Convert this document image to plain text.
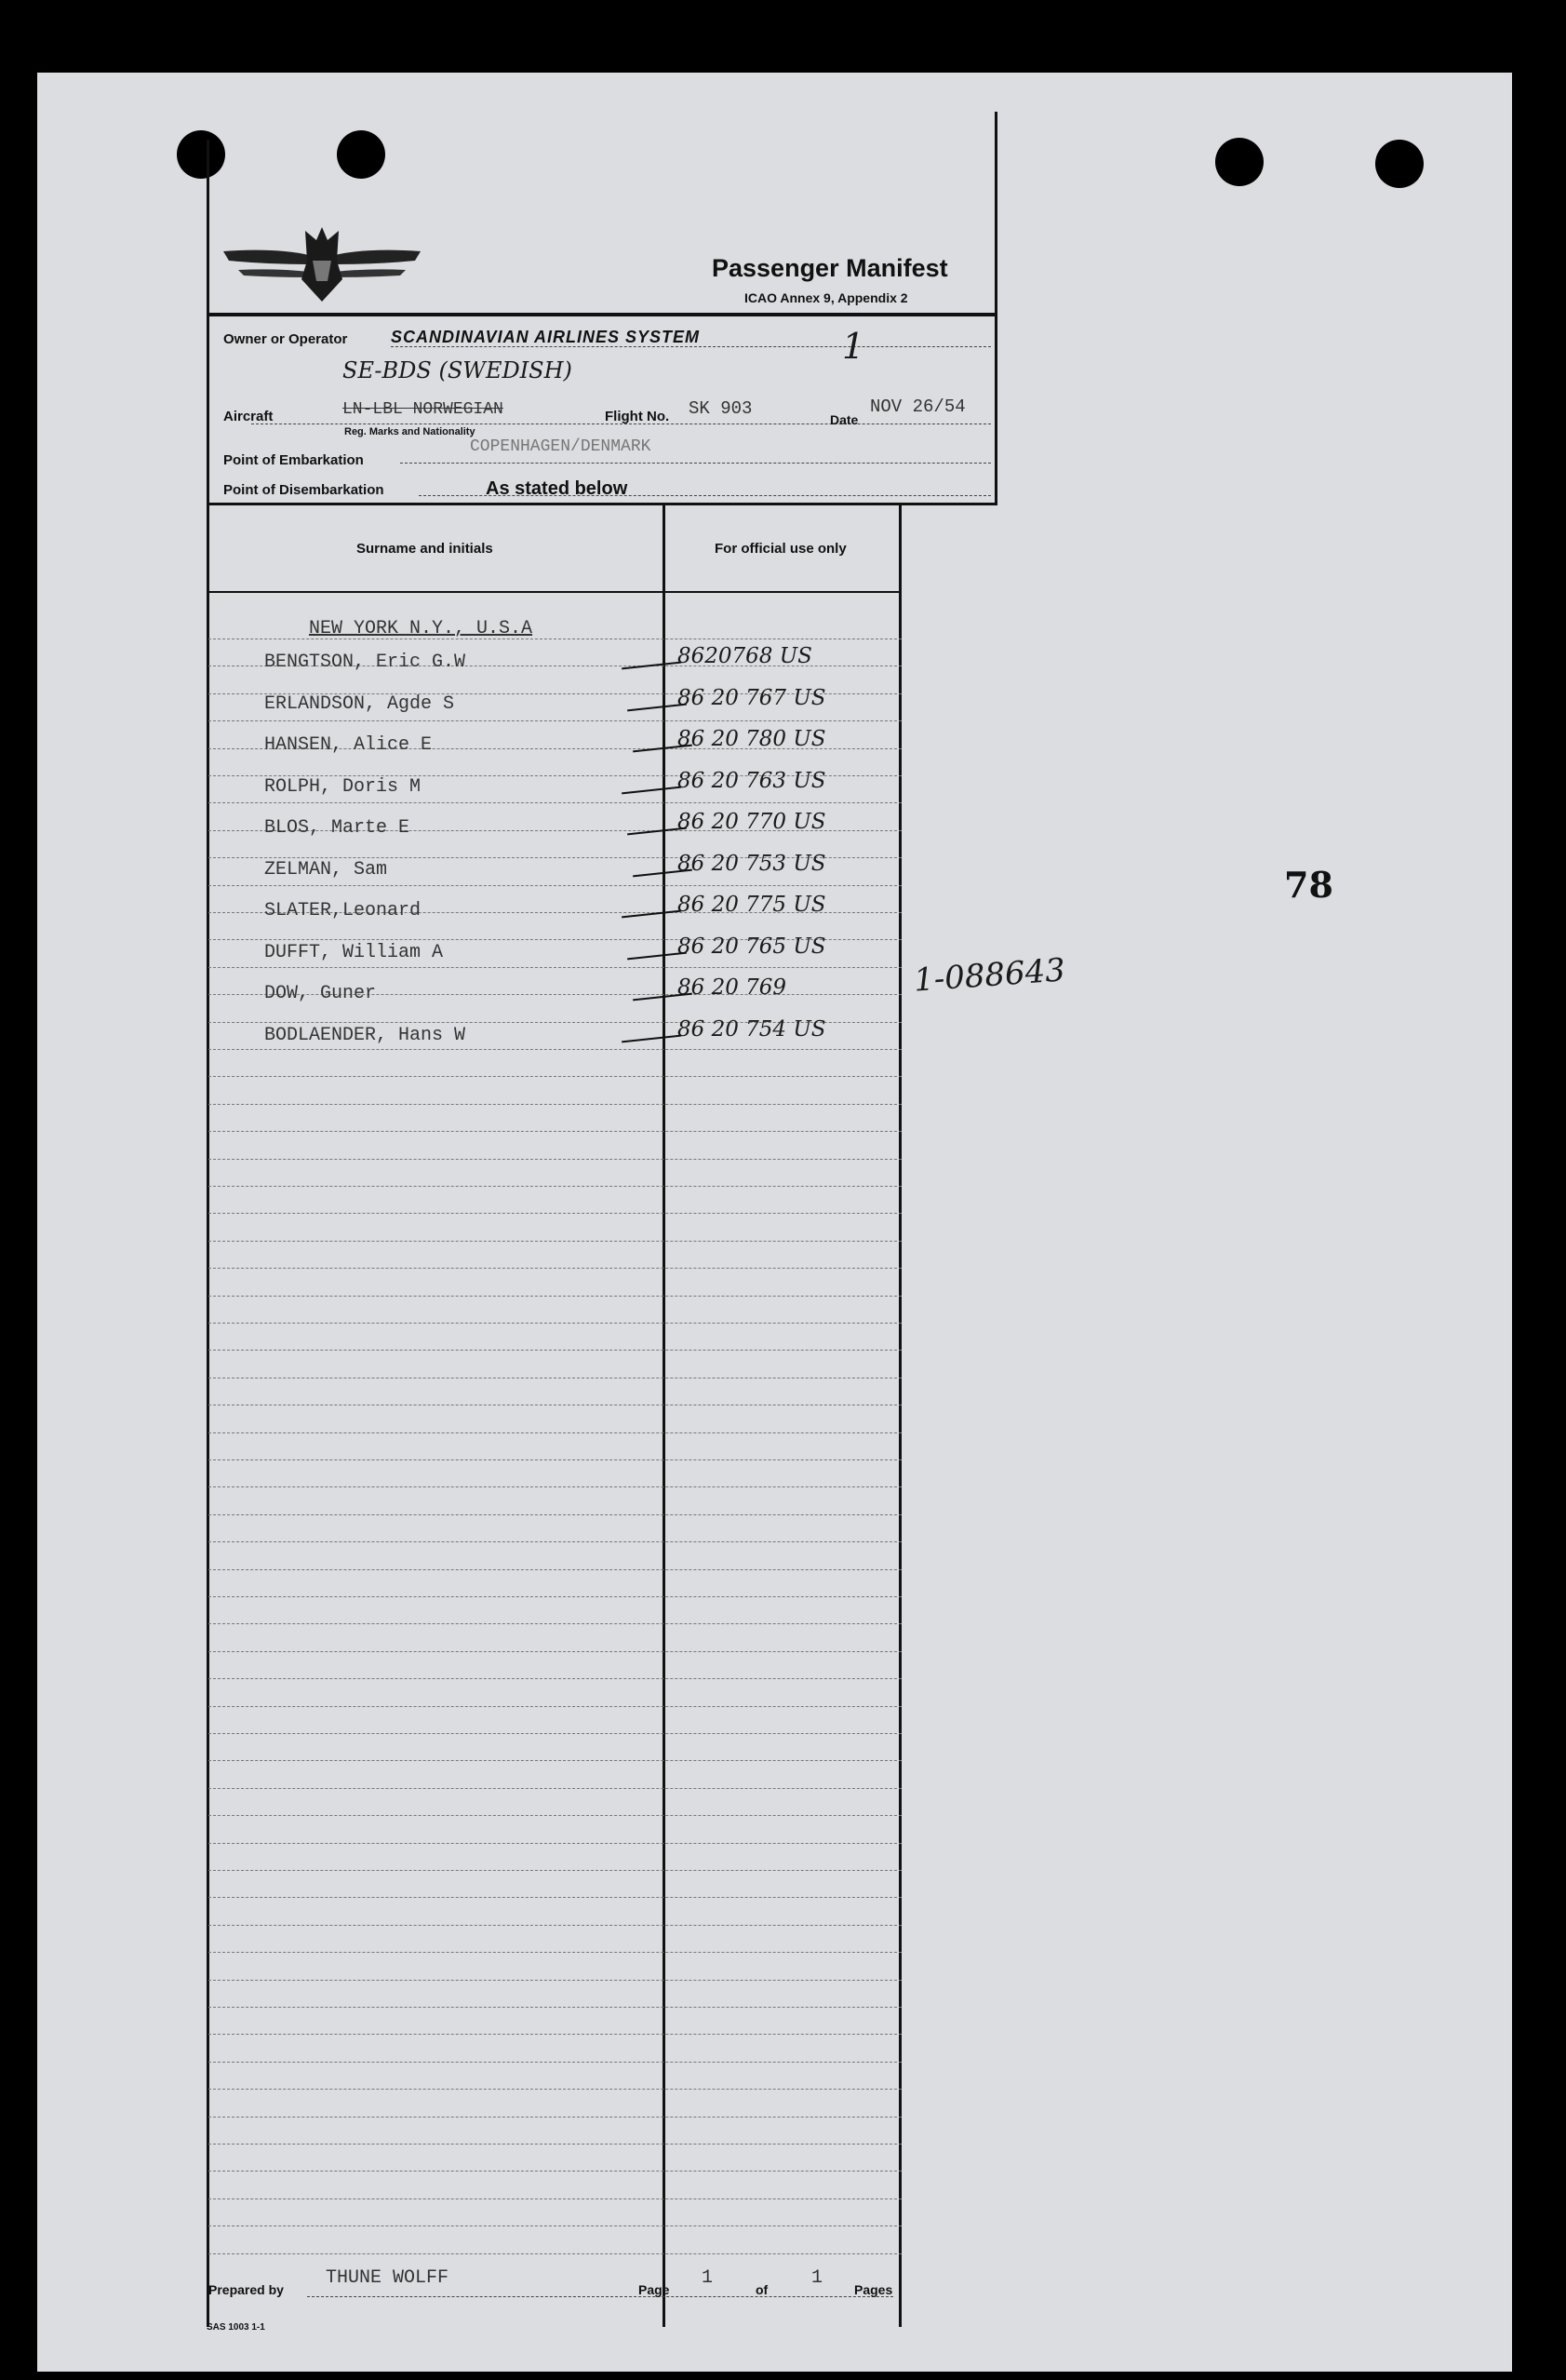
Passenger Manifest
ICAO Annex 9, Appendix 2
Owner or Operator	SCANDINAVIAN AIRLINES SYSTEM	1
SE-BDS (SWEDISH)
Aircraft	LN-LBL NORWEGIAN
Reg. Marks and Nationality
Flight No. SK 903
Date
NOV 26/54
Point of Embarkation
COPENHAGEN/DENMARK
Point of Disembarkation	As stated below
Surname and initials	For official use only
NEW YORK N.Y., U.S.A
BENGTSON, Eric G.W	8620768 US
ERLANDSON, Agde S	86 20 767 US
HANSEN, Alice E	86 20 780 US
ROLPH, Doris M	86 20 763 US
BLOS, Marte E	86 20 770 US
ZELMAN, Sam	86 20 753 US
SLATER,Leonard	86 20 775 US
DUFFT, William A	86 20 765 US
DOW, Guner	86 20 769
BODLAENDER, Hans W	86 20 754 US
1-088643
78
Prepared by
THUNE WOLFF
Page
1
of
1
Pages
SAS 1003 1-1
